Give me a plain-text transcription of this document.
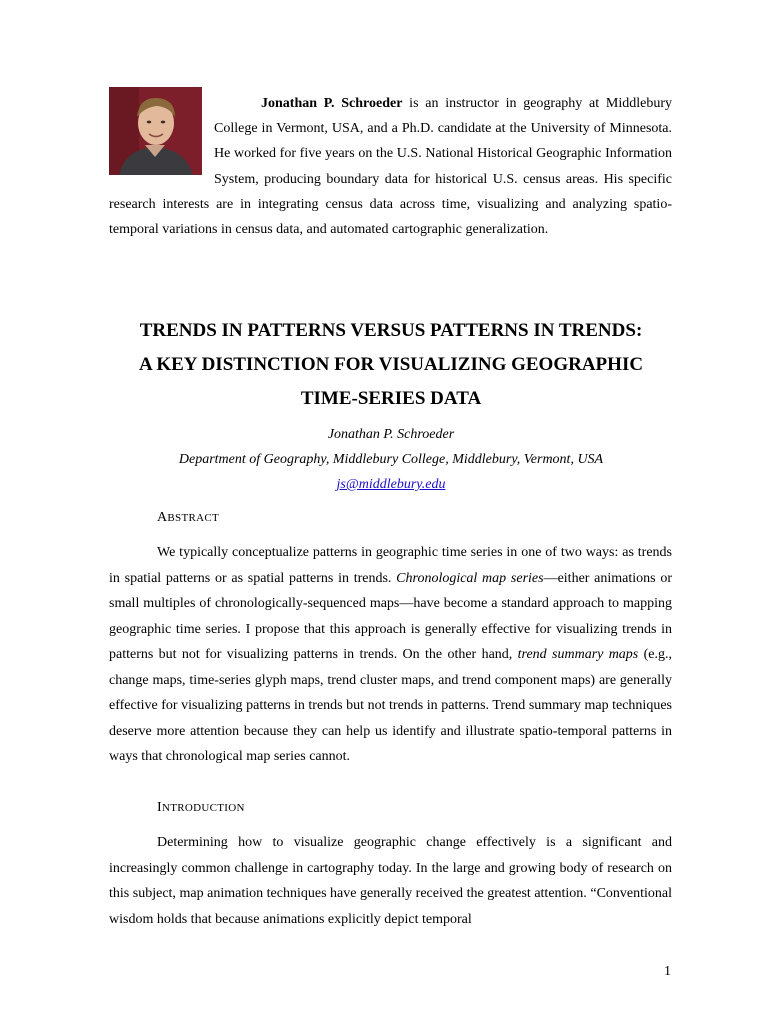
Jonathan P. Schroeder is an instructor in geography at Middlebury College in Vermont, USA, and a Ph.D. candidate at the University of Minnesota. He worked for five years on the U.S. National Historical Geographic Information System, producing boundary data for historical U.S. census areas. His specific research interests are in integrating census data across time, visualizing and analyzing spatio-temporal variations in census data, and automated cartographic generalization.
TRENDS IN PATTERNS VERSUS PATTERNS IN TRENDS:
A KEY DISTINCTION FOR VISUALIZING GEOGRAPHIC
TIME-SERIES DATA
Jonathan P. Schroeder
Department of Geography, Middlebury College, Middlebury, Vermont, USA
js@middlebury.edu
ABSTRACT
We typically conceptualize patterns in geographic time series in one of two ways: as trends in spatial patterns or as spatial patterns in trends. Chronological map series—either animations or small multiples of chronologically-sequenced maps—have become a standard approach to mapping geographic time series. I propose that this approach is generally effective for visualizing trends in patterns but not for visualizing patterns in trends. On the other hand, trend summary maps (e.g., change maps, time-series glyph maps, trend cluster maps, and trend component maps) are generally effective for visualizing patterns in trends but not trends in patterns. Trend summary map techniques deserve more attention because they can help us identify and illustrate spatio-temporal patterns in ways that chronological map series cannot.
INTRODUCTION
Determining how to visualize geographic change effectively is a significant and increasingly common challenge in cartography today. In the large and growing body of research on this subject, map animation techniques have generally received the greatest attention. “Conventional wisdom holds that because animations explicitly depict temporal
1
